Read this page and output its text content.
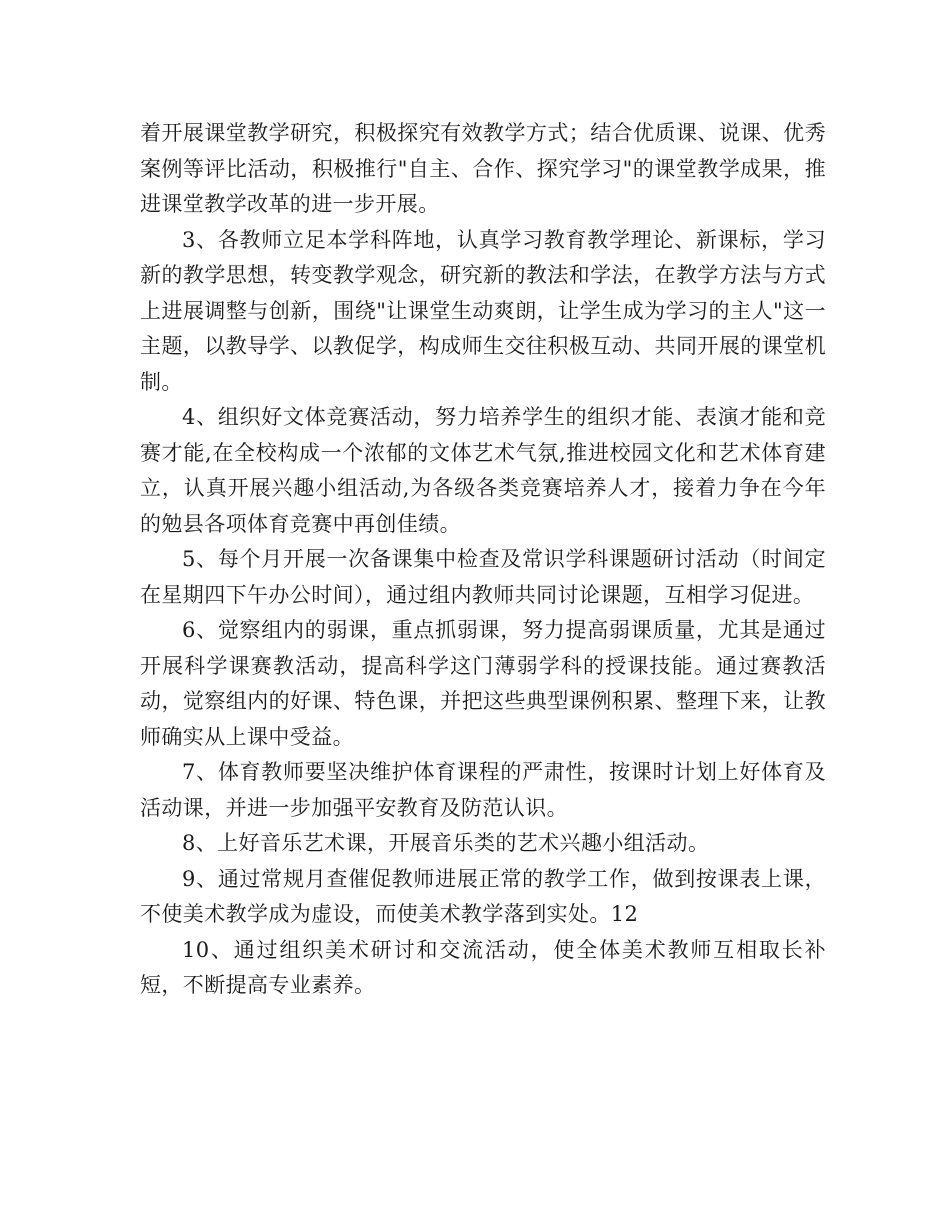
着开展课堂教学研究，积极探究有效教学方式；结合优质课、说课、优秀案例等评比活动，积极推行"自主、合作、探究学习"的课堂教学成果，推进课堂教学改革的进一步开展。

3、各教师立足本学科阵地，认真学习教育教学理论、新课标，学习新的教学思想，转变教学观念，研究新的教法和学法，在教学方法与方式上进展调整与创新，围绕"让课堂生动爽朗，让学生成为学习的主人"这一主题，以教导学、以教促学，构成师生交往积极互动、共同开展的课堂机制。

4、组织好文体竞赛活动，努力培养学生的组织才能、表演才能和竞赛才能,在全校构成一个浓郁的文体艺术气氛,推进校园文化和艺术体育建立，认真开展兴趣小组活动,为各级各类竞赛培养人才，接着力争在今年的勉县各项体育竞赛中再创佳绩。

5、每个月开展一次备课集中检查及常识学科课题研讨活动（时间定在星期四下午办公时间），通过组内教师共同讨论课题，互相学习促进。

6、觉察组内的弱课，重点抓弱课，努力提高弱课质量，尤其是通过开展科学课赛教活动，提高科学这门薄弱学科的授课技能。通过赛教活动，觉察组内的好课、特色课，并把这些典型课例积累、整理下来，让教师确实从上课中受益。

7、体育教师要坚决维护体育课程的严肃性，按课时计划上好体育及活动课，并进一步加强平安教育及防范认识。

8、上好音乐艺术课，开展音乐类的艺术兴趣小组活动。

9、通过常规月查催促教师进展正常的教学工作，做到按课表上课，不使美术教学成为虚设，而使美术教学落到实处。12

10、通过组织美术研讨和交流活动，使全体美术教师互相取长补短，不断提高专业素养。
